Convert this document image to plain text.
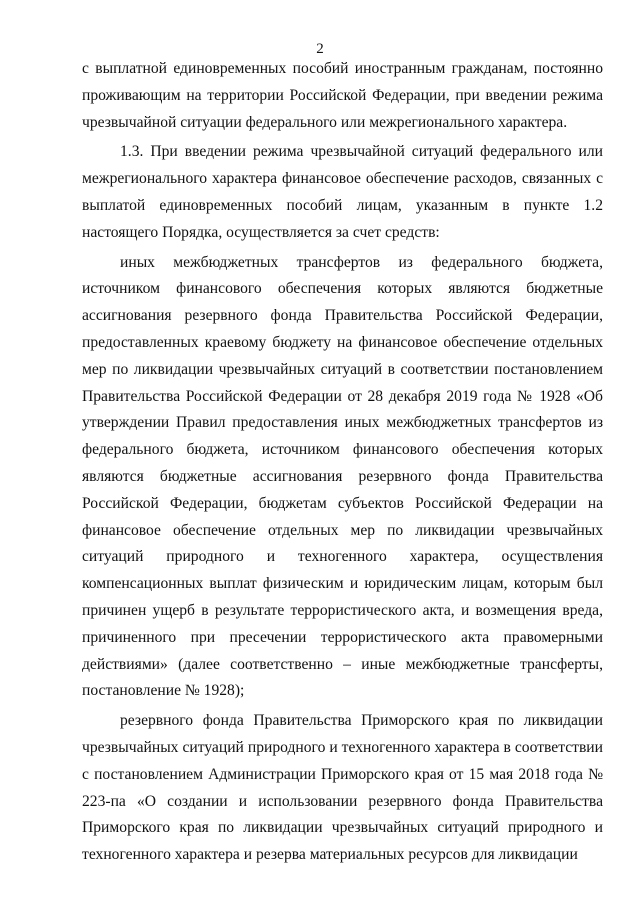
2

с выплатной единовременных пособий иностранным гражданам, постоянно проживающим на территории Российской Федерации, при введении режима чрезвычайной ситуации федерального или межрегионального характера.

1.3. При введении режима чрезвычайной ситуаций федерального или межрегионального характера финансовое обеспечение расходов, связанных с выплатой единовременных пособий лицам, указанным в пункте 1.2 настоящего Порядка, осуществляется за счет средств:

иных межбюджетных трансфертов из федерального бюджета, источником финансового обеспечения которых являются бюджетные ассигнования резервного фонда Правительства Российской Федерации, предоставленных краевому бюджету на финансовое обеспечение отдельных мер по ликвидации чрезвычайных ситуаций в соответствии постановлением Правительства Российской Федерации от 28 декабря 2019 года № 1928 «Об утверждении Правил предоставления иных межбюджетных трансфертов из федерального бюджета, источником финансового обеспечения которых являются бюджетные ассигнования резервного фонда Правительства Российской Федерации, бюджетам субъектов Российской Федерации на финансовое обеспечение отдельных мер по ликвидации чрезвычайных ситуаций природного и техногенного характера, осуществления компенсационных выплат физическим и юридическим лицам, которым был причинен ущерб в результате террористического акта, и возмещения вреда, причиненного при пресечении террористического акта правомерными действиями» (далее соответственно – иные межбюджетные трансферты, постановление № 1928);

резервного фонда Правительства Приморского края по ликвидации чрезвычайных ситуаций природного и техногенного характера в соответствии с постановлением Администрации Приморского края от 15 мая 2018 года № 223-па «О создании и использовании резервного фонда Правительства Приморского края по ликвидации чрезвычайных ситуаций природного и техногенного характера и резерва материальных ресурсов для ликвидации
